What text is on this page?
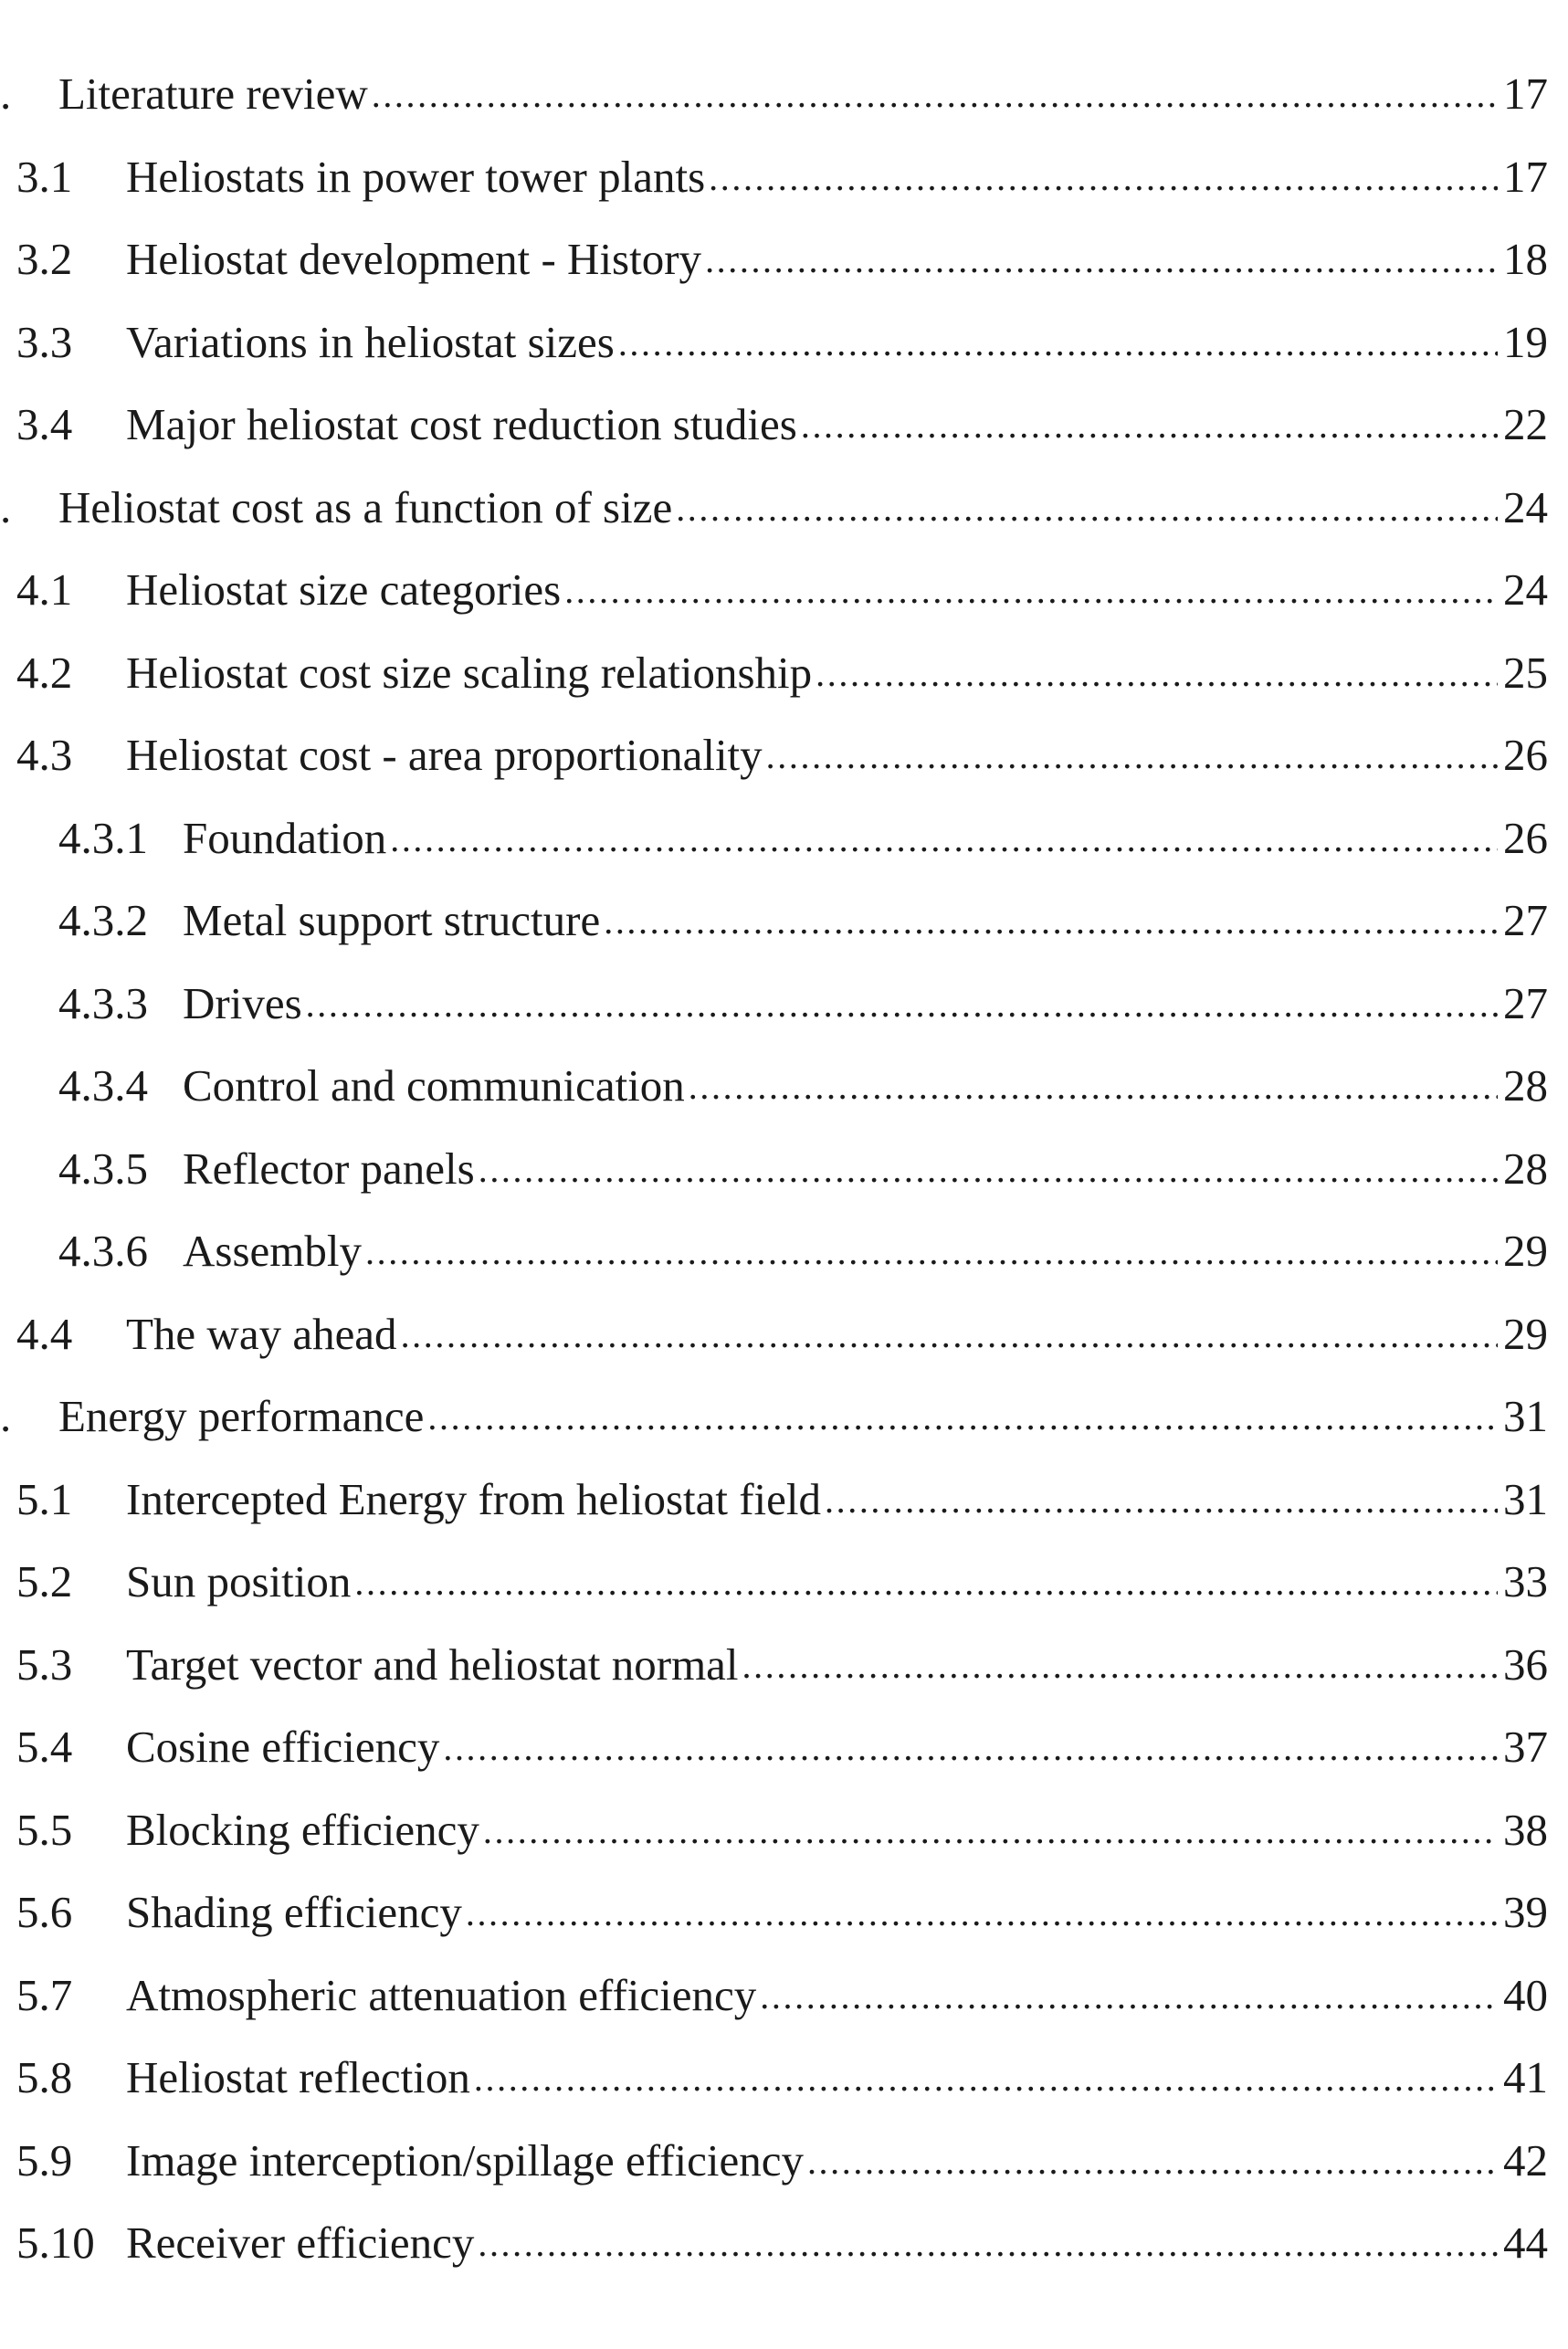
.	Literature review .....	17
3.1	Heliostats in power tower plants .....	17
3.2	Heliostat development - History .....	18
3.3	Variations in heliostat sizes .....	19
3.4	Major heliostat cost reduction studies .....	22
.	Heliostat cost as a function of size .....	24
4.1	Heliostat size categories .....	24
4.2	Heliostat cost size scaling relationship .....	25
4.3	Heliostat cost - area proportionality .....	26
4.3.1 Foundation .....	26
4.3.2 Metal support structure .....	27
4.3.3 Drives .....	27
4.3.4 Control and communication .....	28
4.3.5 Reflector panels .....	28
4.3.6 Assembly .....	29
4.4	The way ahead .....	29
.	Energy performance .....	31
5.1	Intercepted Energy from heliostat field .....	31
5.2	Sun position .....	33
5.3	Target vector and heliostat normal .....	36
5.4	Cosine efficiency .....	37
5.5	Blocking efficiency .....	38
5.6	Shading efficiency .....	39
5.7	Atmospheric attenuation efficiency .....	40
5.8	Heliostat reflection .....	41
5.9	Image interception/spillage efficiency .....	42
5.10 Receiver efficiency .....	44
